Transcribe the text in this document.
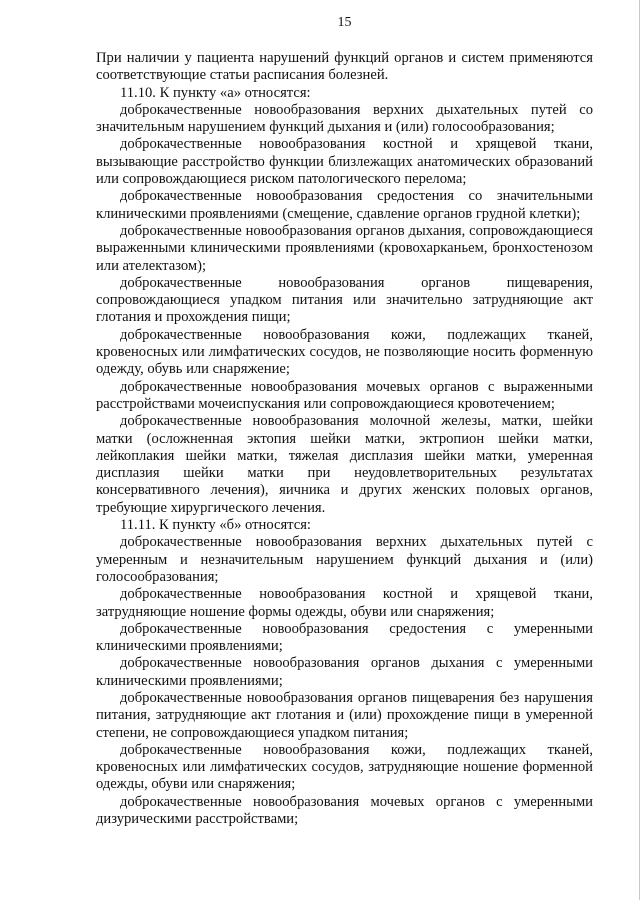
15

При наличии у пациента нарушений функций органов и систем применяются соответствующие статьи расписания болезней.

11.10. К пункту «а» относятся:

доброкачественные новообразования верхних дыхательных путей со значительным нарушением функций дыхания и (или) голосообразования;

доброкачественные новообразования костной и хрящевой ткани, вызывающие расстройство функции близлежащих анатомических образований или сопровождающиеся риском патологического перелома;

доброкачественные новообразования средостения со значительными клиническими проявлениями (смещение, сдавление органов грудной клетки);

доброкачественные новообразования органов дыхания, сопровождающиеся выраженными клиническими проявлениями (кровохарканьем, бронхостенозом или ателектазом);

доброкачественные новообразования органов пищеварения, сопровождающиеся упадком питания или значительно затрудняющие акт глотания и прохождения пищи;

доброкачественные новообразования кожи, подлежащих тканей, кровеносных или лимфатических сосудов, не позволяющие носить форменную одежду, обувь или снаряжение;

доброкачественные новообразования мочевых органов с выраженными расстройствами мочеиспускания или сопровождающиеся кровотечением;

доброкачественные новообразования молочной железы, матки, шейки матки (осложненная эктопия шейки матки, эктропион шейки матки, лейкоплакия шейки матки, тяжелая дисплазия шейки матки, умеренная дисплазия шейки матки при неудовлетворительных результатах консервативного лечения), яичника и других женских половых органов, требующие хирургического лечения.

11.11. К пункту «б» относятся:

доброкачественные новообразования верхних дыхательных путей с умеренным и незначительным нарушением функций дыхания и (или) голосообразования;

доброкачественные новообразования костной и хрящевой ткани, затрудняющие ношение формы одежды, обуви или снаряжения;

доброкачественные новообразования средостения с умеренными клиническими проявлениями;

доброкачественные новообразования органов дыхания с умеренными клиническими проявлениями;

доброкачественные новообразования органов пищеварения без нарушения питания, затрудняющие акт глотания и (или) прохождение пищи в умеренной степени, не сопровождающиеся упадком питания;

доброкачественные новообразования кожи, подлежащих тканей, кровеносных или лимфатических сосудов, затрудняющие ношение форменной одежды, обуви или снаряжения;

доброкачественные новообразования мочевых органов с умеренными дизурическими расстройствами;
